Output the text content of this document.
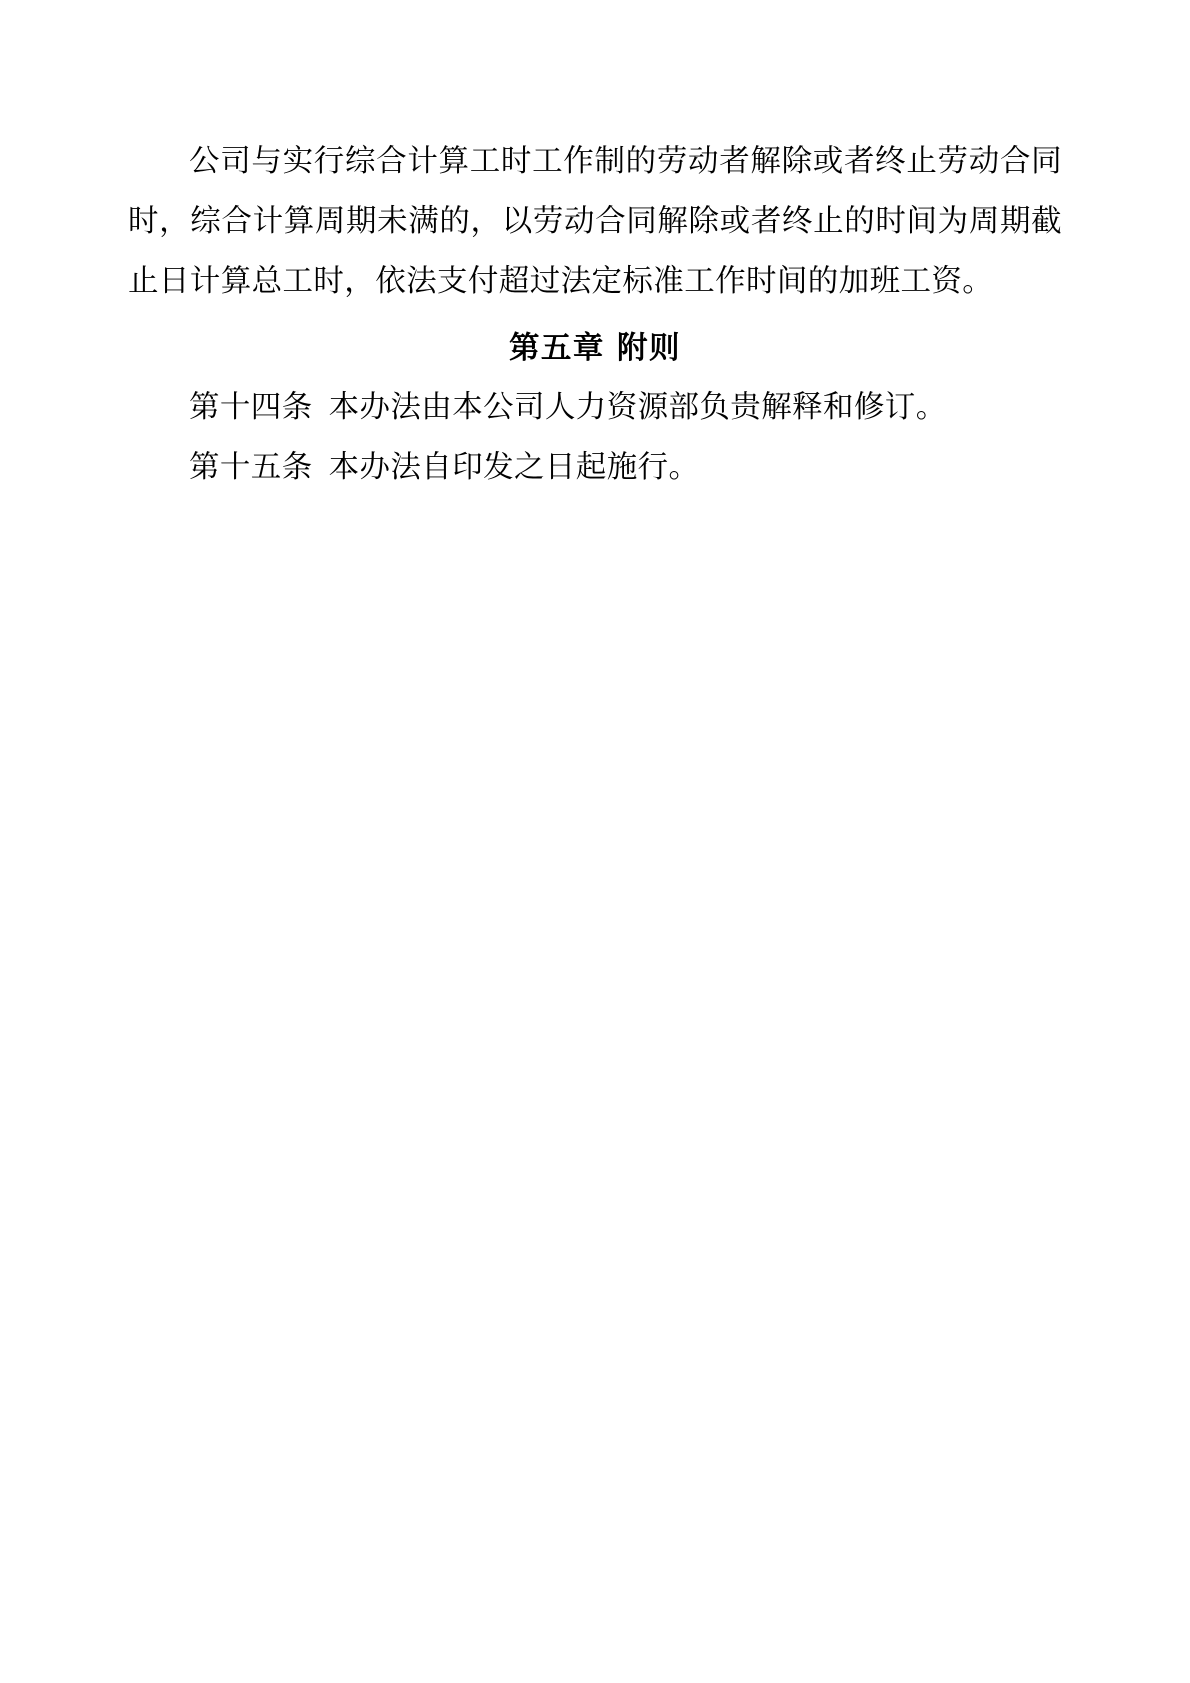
公司与实行综合计算工时工作制的劳动者解除或者终止劳动合同时，综合计算周期未满的，以劳动合同解除或者终止的时间为周期截止日计算总工时，依法支付超过法定标准工作时间的加班工资。

第五章 附则

第十四条 本办法由本公司人力资源部负贵解释和修订。

第十五条 本办法自印发之日起施行。
